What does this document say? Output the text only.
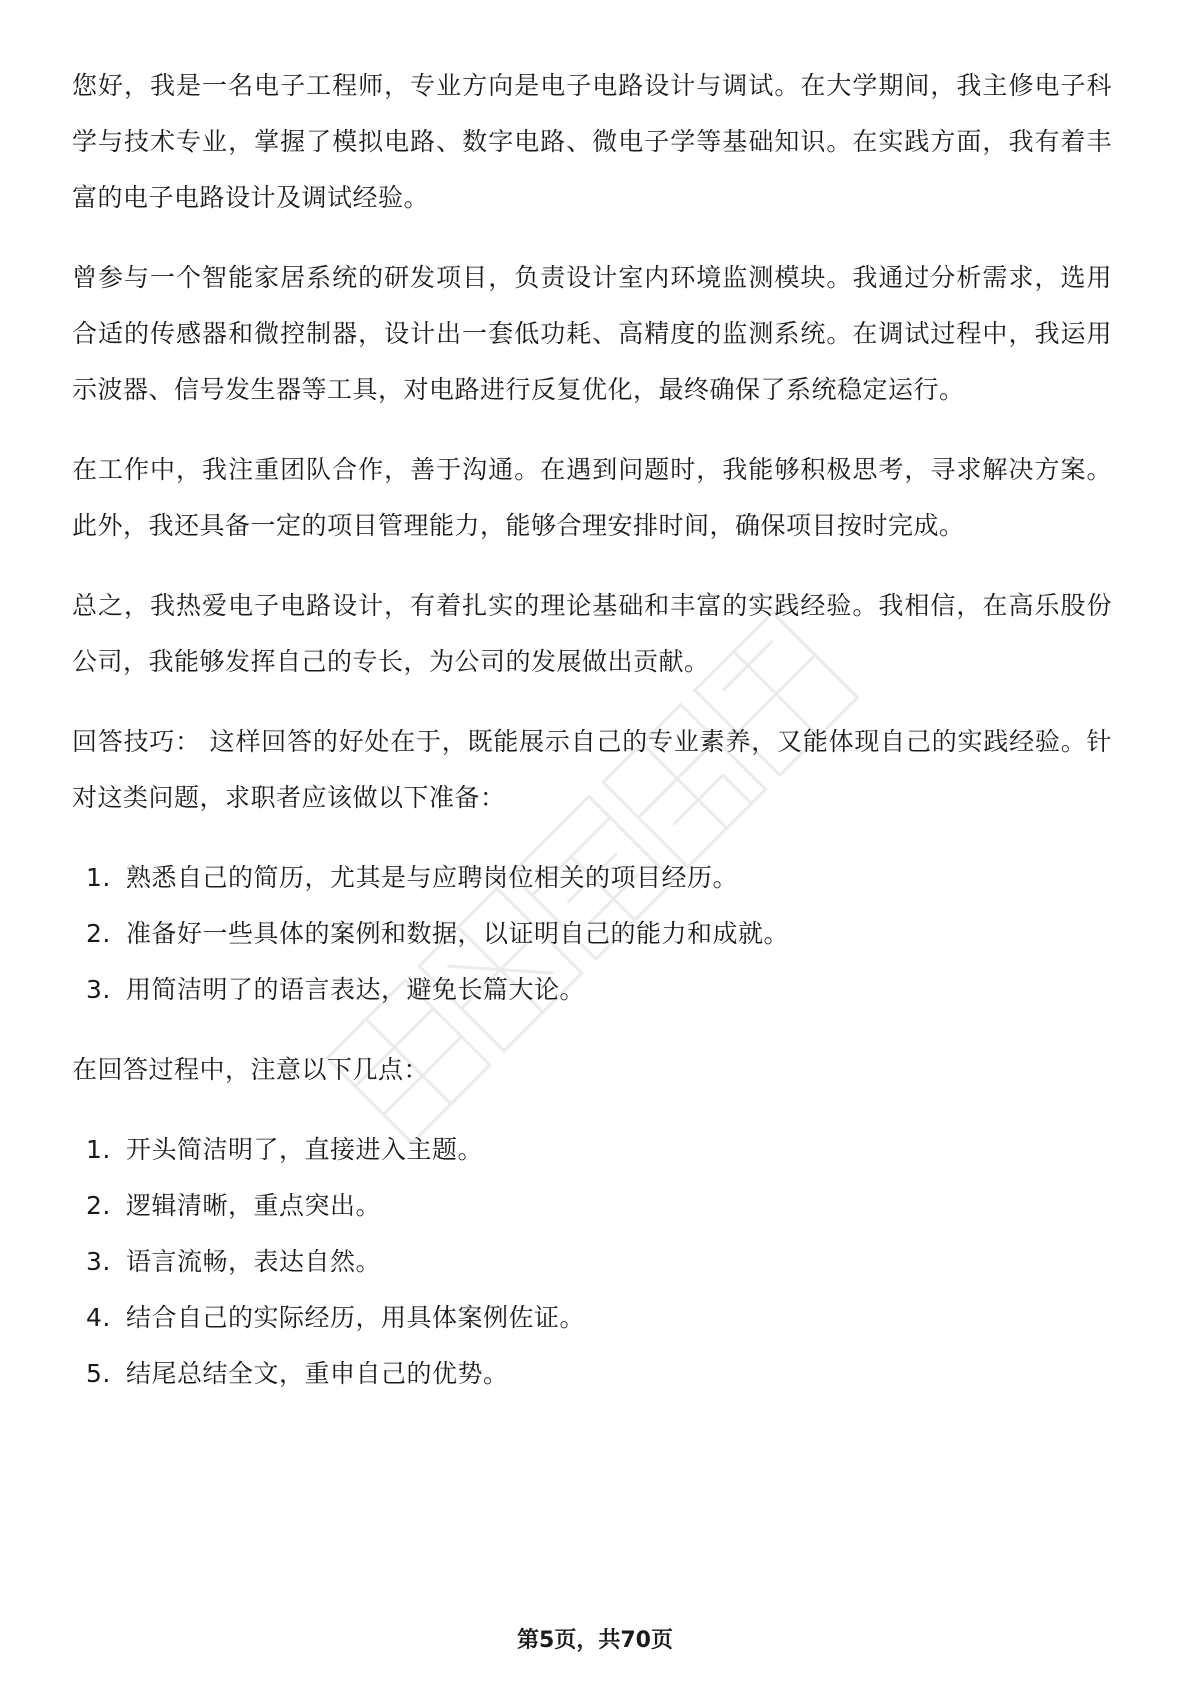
您好，我是一名电子工程师，专业方向是电子电路设计与调试。在大学期间，我主修电子科学与技术专业，掌握了模拟电路、数字电路、微电子学等基础知识。在实践方面，我有着丰富的电子电路设计及调试经验。

曾参与一个智能家居系统的研发项目，负责设计室内环境监测模块。我通过分析需求，选用合适的传感器和微控制器，设计出一套低功耗、高精度的监测系统。在调试过程中，我运用示波器、信号发生器等工具，对电路进行反复优化，最终确保了系统稳定运行。

在工作中，我注重团队合作，善于沟通。在遇到问题时，我能够积极思考，寻求解决方案。此外，我还具备一定的项目管理能力，能够合理安排时间，确保项目按时完成。

总之，我热爱电子电路设计，有着扎实的理论基础和丰富的实践经验。我相信，在高乐股份公司，我能够发挥自己的专长，为公司的发展做出贡献。

回答技巧： 这样回答的好处在于，既能展示自己的专业素养，又能体现自己的实践经验。针对这类问题，求职者应该做以下准备：

1. 熟悉自己的简历，尤其是与应聘岗位相关的项目经历。
2. 准备好一些具体的案例和数据，以证明自己的能力和成就。
3. 用简洁明了的语言表达，避免长篇大论。

在回答过程中，注意以下几点：

1. 开头简洁明了，直接进入主题。
2. 逻辑清晰，重点突出。
3. 语言流畅，表达自然。
4. 结合自己的实际经历，用具体案例佐证。
5. 结尾总结全文，重申自己的优势。
第5页，共70页
